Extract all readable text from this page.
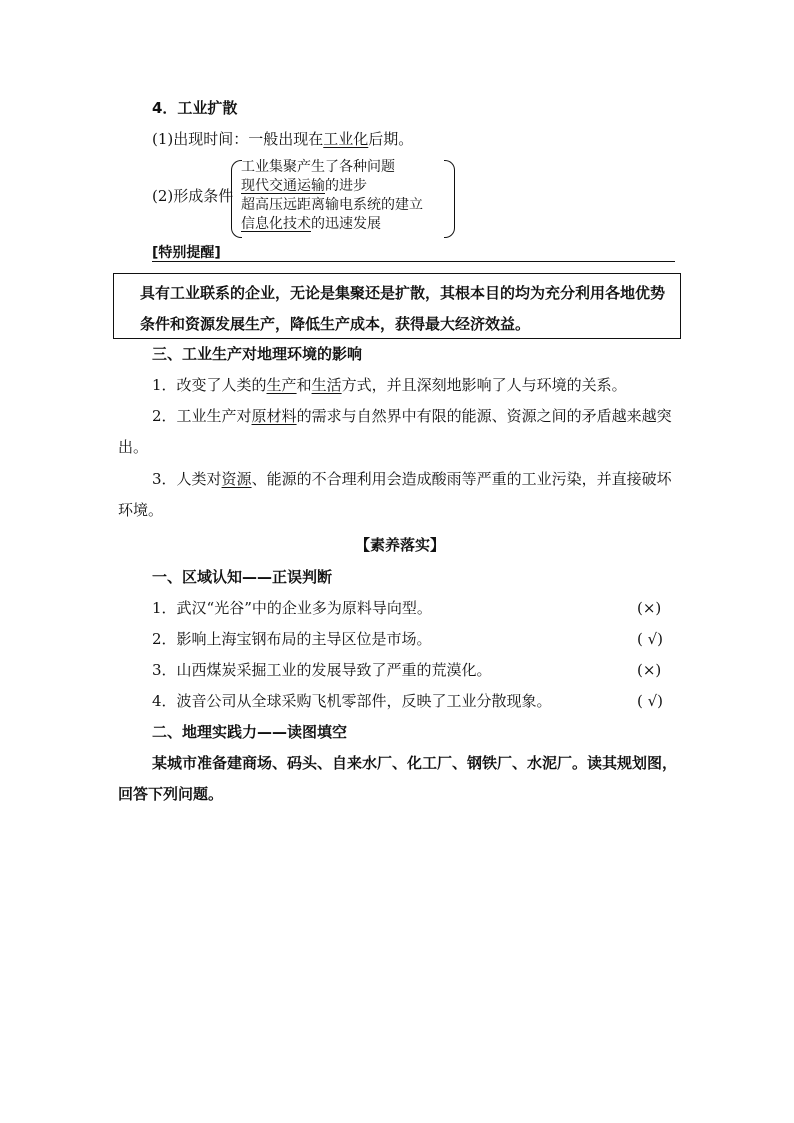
4．工业扩散
(1)出现时间：一般出现在工业化后期。
(2)形成条件
工业集聚产生了各种问题
现代交通运输的进步
超高压远距离输电系统的建立
信息化技术的迅速发展
[特别提醒]

具有工业联系的企业，无论是集聚还是扩散，其根本目的均为充分利用各地优势条件和资源发展生产，降低生产成本，获得最大经济效益。

三、工业生产对地理环境的影响
1．改变了人类的生产和生活方式，并且深刻地影响了人与环境的关系。
2．工业生产对原材料的需求与自然界中有限的能源、资源之间的矛盾越来越突出。
3．人类对资源、能源的不合理利用会造成酸雨等严重的工业污染，并直接破坏环境。
【素养落实】
一、区域认知——正误判断
1．武汉“光谷”中的企业多为原料导向型。	(×)
2．影响上海宝钢布局的主导区位是市场。	( √)
3．山西煤炭采掘工业的发展导致了严重的荒漠化。	(×)
4．波音公司从全球采购飞机零部件，反映了工业分散现象。	( √)
二、地理实践力——读图填空
某城市准备建商场、码头、自来水厂、化工厂、钢铁厂、水泥厂。读其规划图，回答下列问题。
